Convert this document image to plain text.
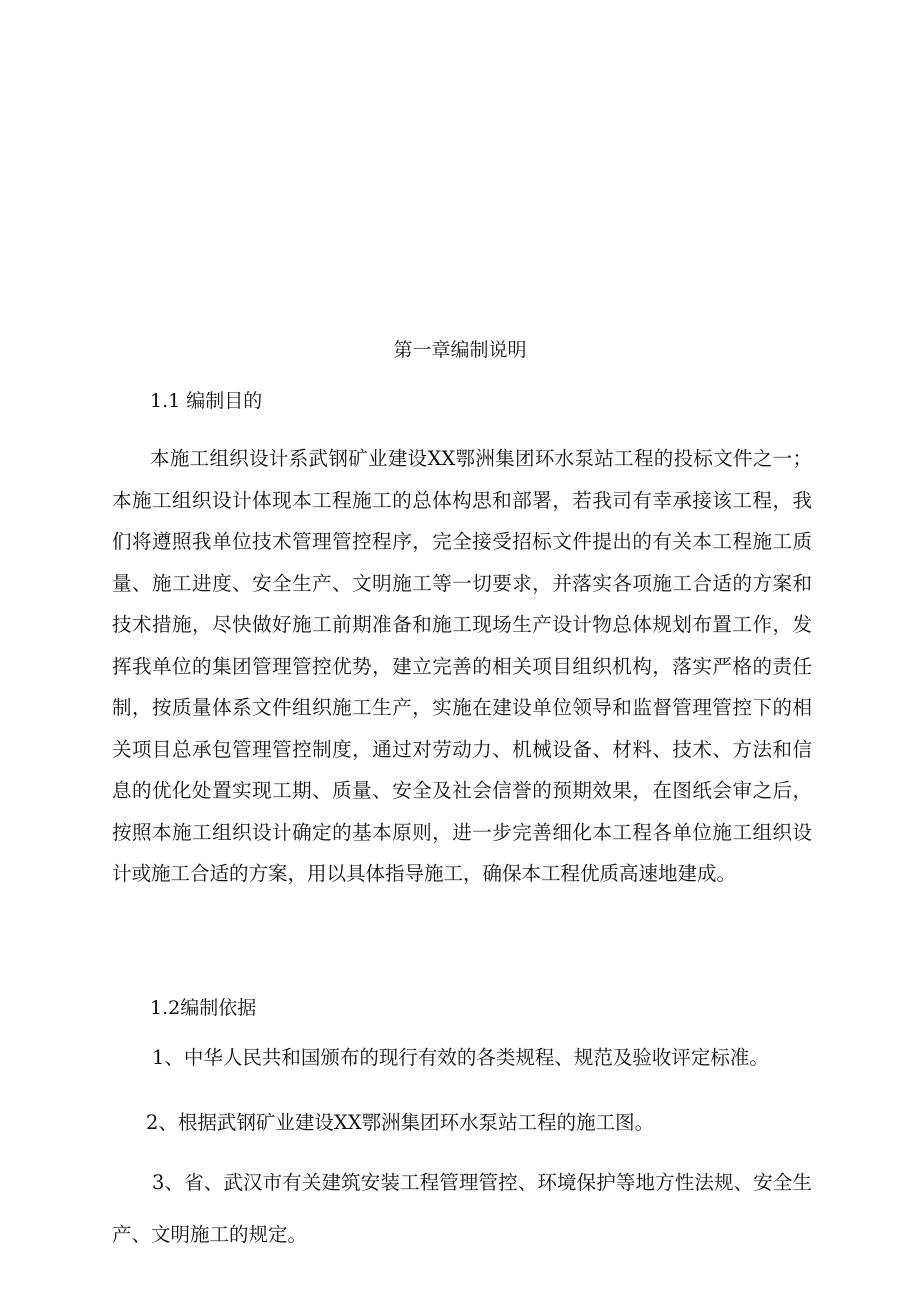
第一章编制说明
1.1 编制目的
本施工组织设计系武钢矿业建设XX鄂洲集团环水泵站工程的投标文件之一；本施工组织设计体现本工程施工的总体构思和部署，若我司有幸承接该工程，我们将遵照我单位技术管理管控程序，完全接受招标文件提出的有关本工程施工质量、施工进度、安全生产、文明施工等一切要求，并落实各项施工合适的方案和技术措施，尽快做好施工前期准备和施工现场生产设计物总体规划布置工作，发挥我单位的集团管理管控优势，建立完善的相关项目组织机构，落实严格的责任制，按质量体系文件组织施工生产，实施在建设单位领导和监督管理管控下的相关项目总承包管理管控制度，通过对劳动力、机械设备、材料、技术、方法和信息的优化处置实现工期、质量、安全及社会信誉的预期效果，在图纸会审之后，按照本施工组织设计确定的基本原则，进一步完善细化本工程各单位施工组织设计或施工合适的方案，用以具体指导施工，确保本工程优质高速地建成。
1.2编制依据
1、中华人民共和国颁布的现行有效的各类规程、规范及验收评定标准。
2、根据武钢矿业建设XX鄂洲集团环水泵站工程的施工图。
3、省、武汉市有关建筑安装工程管理管控、环境保护等地方性法规、安全生产、文明施工的规定。
